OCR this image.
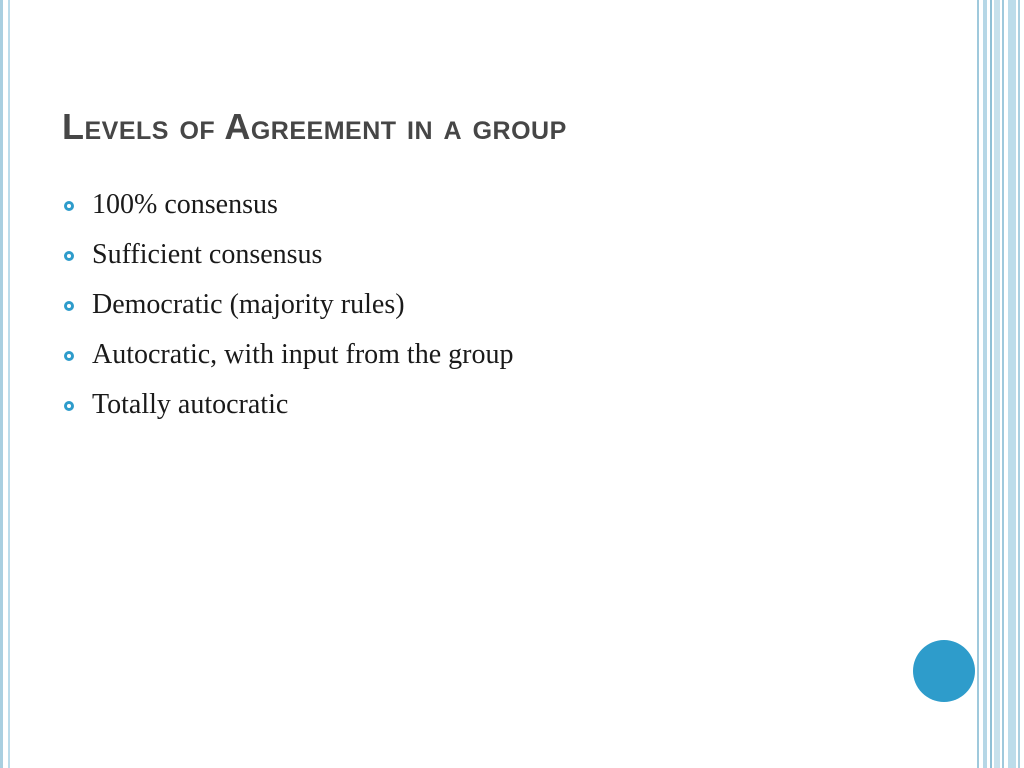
Levels of Agreement in a group
100% consensus
Sufficient consensus
Democratic (majority rules)
Autocratic, with input from the group
Totally autocratic
